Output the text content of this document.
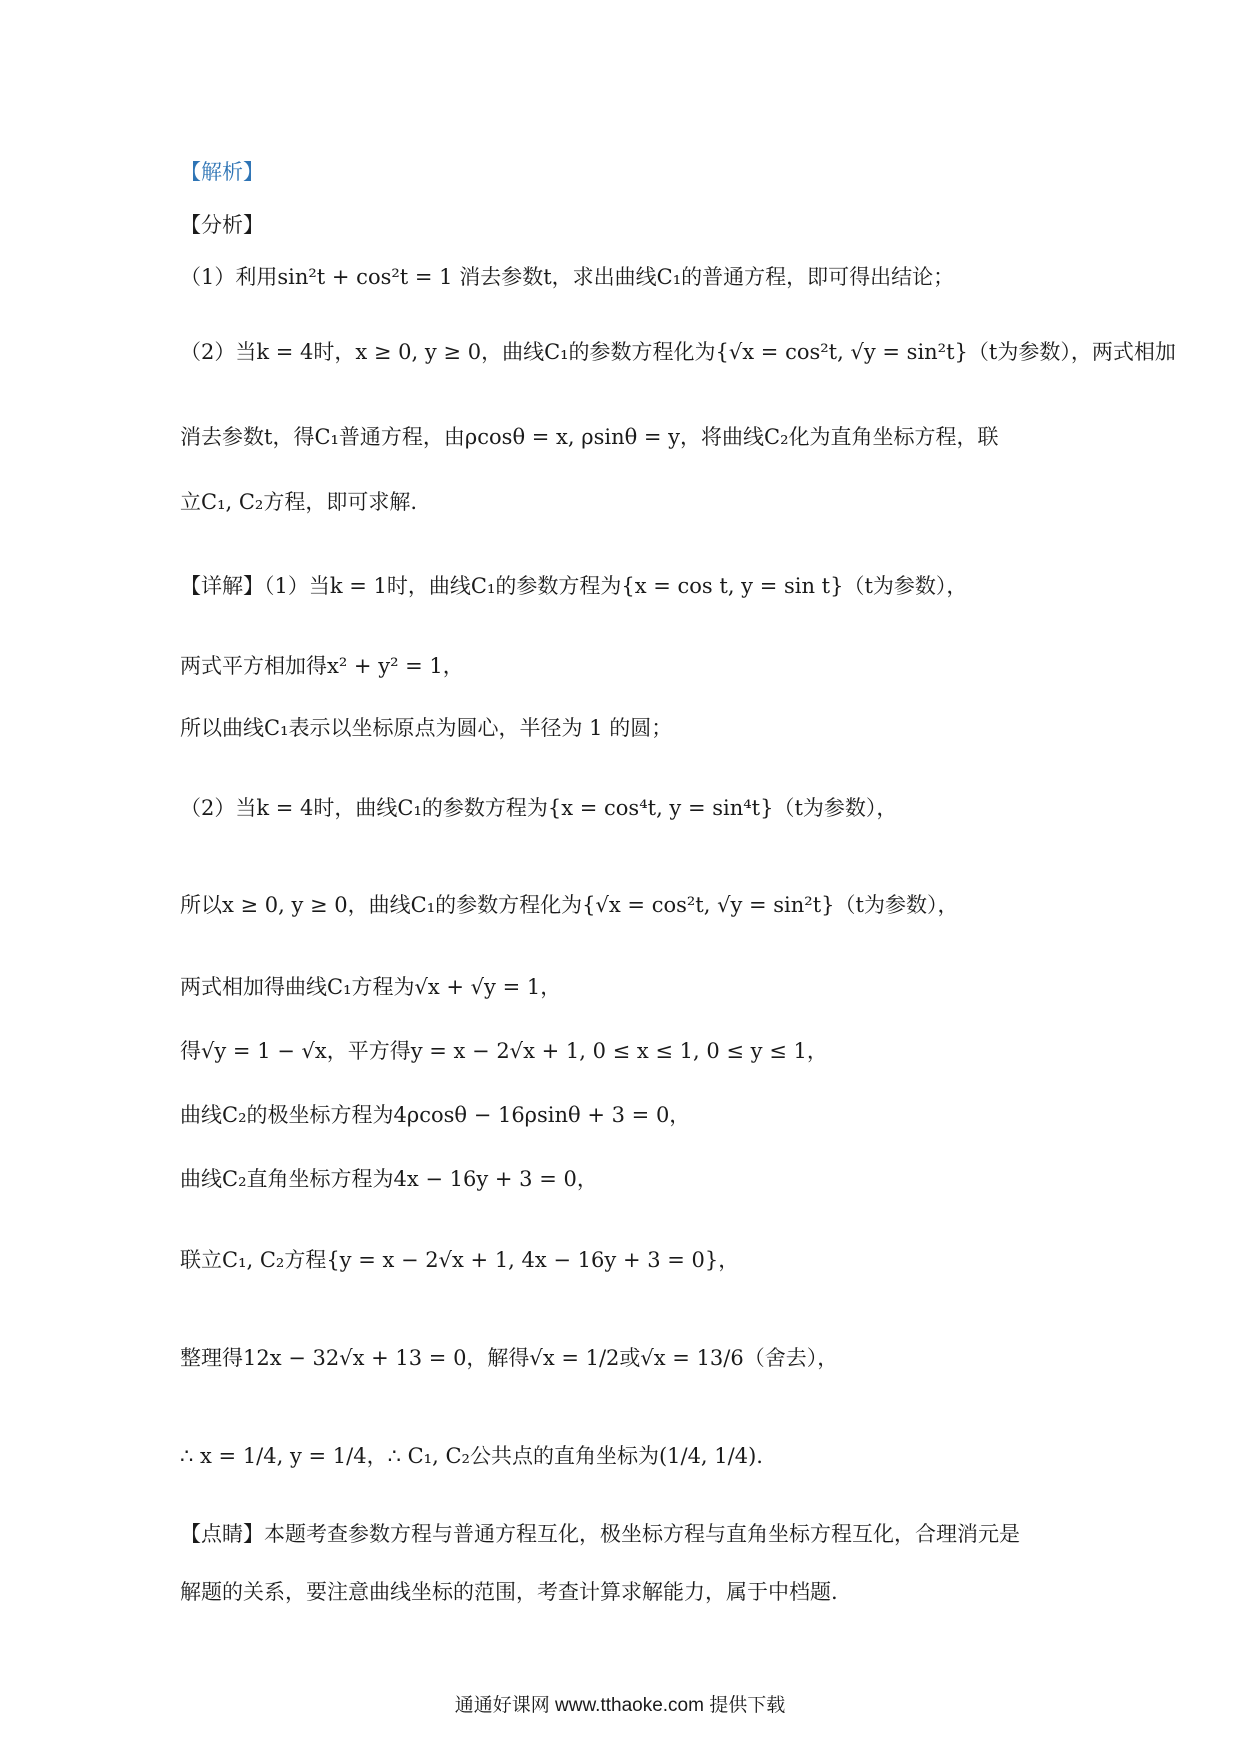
【解析】
【分析】
（1）利用sin²t + cos²t = 1 消去参数t，求出曲线C₁的普通方程，即可得出结论；
（2）当k = 4时，x ≥ 0, y ≥ 0，曲线C₁的参数方程化为{√x = cos²t, √y = sin²t}（t为参数），两式相加
消去参数t，得C₁普通方程，由ρcosθ = x, ρsinθ = y，将曲线C₂化为直角坐标方程，联
立C₁, C₂方程，即可求解.
【详解】（1）当k = 1时，曲线C₁的参数方程为{x = cos t, y = sin t}（t为参数），
两式平方相加得x² + y² = 1，
所以曲线C₁表示以坐标原点为圆心，半径为 1 的圆；
（2）当k = 4时，曲线C₁的参数方程为{x = cos⁴t, y = sin⁴t}（t为参数），
所以x ≥ 0, y ≥ 0，曲线C₁的参数方程化为{√x = cos²t, √y = sin²t}（t为参数），
两式相加得曲线C₁方程为√x + √y = 1，
得√y = 1 − √x，平方得y = x − 2√x + 1, 0 ≤ x ≤ 1, 0 ≤ y ≤ 1，
曲线C₂的极坐标方程为4ρcosθ − 16ρsinθ + 3 = 0，
曲线C₂直角坐标方程为4x − 16y + 3 = 0，
联立C₁, C₂方程{y = x − 2√x + 1, 4x − 16y + 3 = 0}，
整理得12x − 32√x + 13 = 0，解得√x = 1/2或√x = 13/6（舍去），
∴ x = 1/4, y = 1/4，∴ C₁, C₂公共点的直角坐标为(1/4, 1/4).
【点睛】本题考查参数方程与普通方程互化，极坐标方程与直角坐标方程互化，合理消元是
解题的关系，要注意曲线坐标的范围，考查计算求解能力，属于中档题.
通通好课网 www.tthaoke.com 提供下载
